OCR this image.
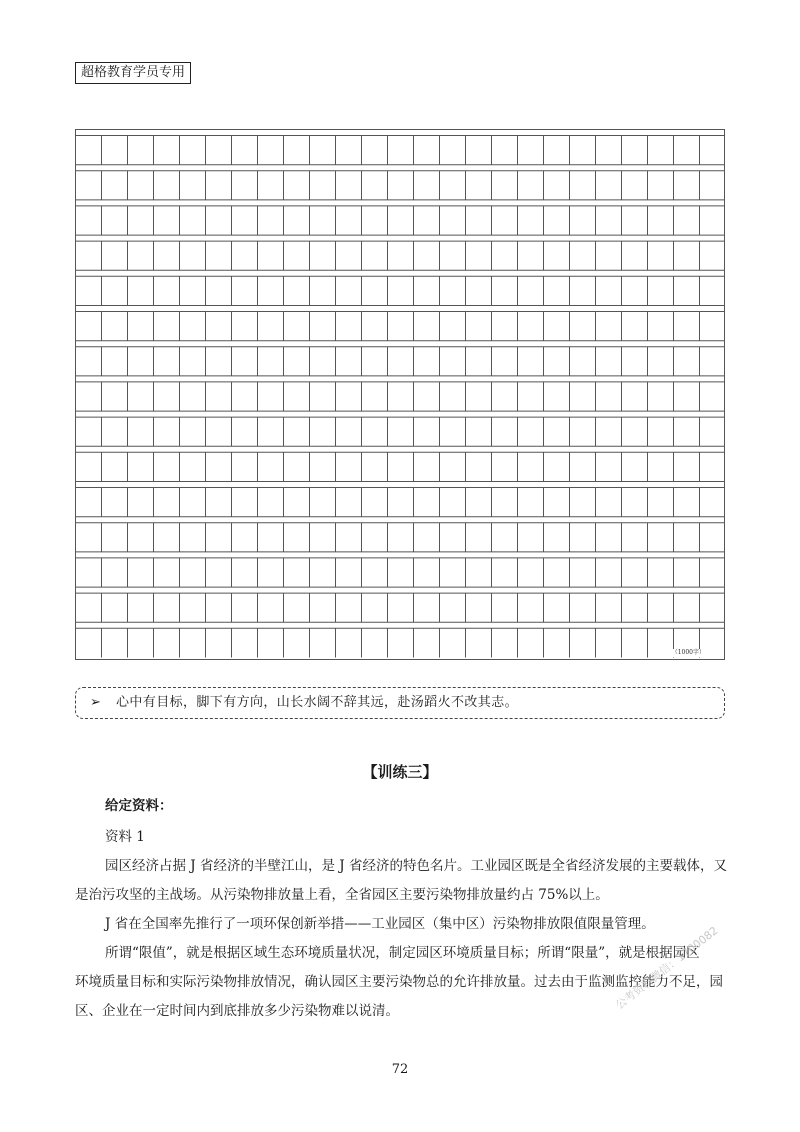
超格教育学员专用
（1000字）
➢ 心中有目标，脚下有方向，山长水阔不辞其远，赴汤蹈火不改其志。
【训练三】
给定资料：
资料 1
园区经济占据 J 省经济的半壁江山，是 J 省经济的特色名片。工业园区既是全省经济发展的主要载体，又
是治污攻坚的主战场。从污染物排放量上看，全省园区主要污染物排放量约占 75%以上。
J 省在全国率先推行了一项环保创新举措——工业园区（集中区）污染物排放限值限量管理。
所谓“限值”，就是根据区域生态环境质量状况，制定园区环境质量目标；所谓“限量”，就是根据园区
环境质量目标和实际污染物排放情况，确认园区主要污染物总的允许排放量。过去由于监测监控能力不足，园
区、企业在一定时间内到底排放多少污染物难以说清。	公考资料微信：1700082
72
